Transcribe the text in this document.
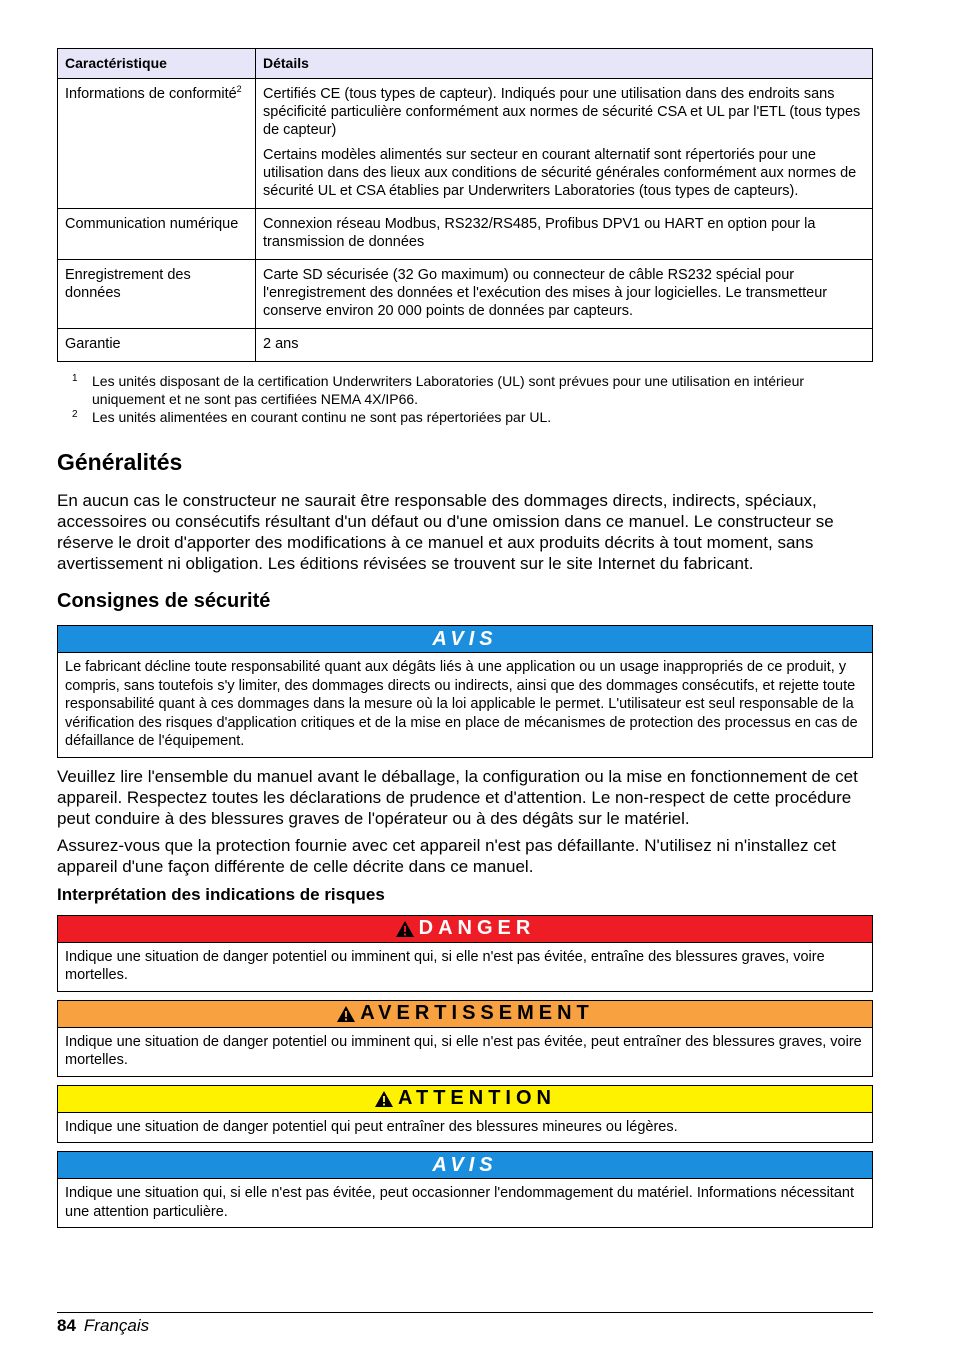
Caractéristique	Détails
Informations de conformité$^2$	Certifiés CE (tous types de capteur). Indiqués pour une utilisation dans des endroits sans spécificité particulière conformément aux normes de sécurité CSA et UL par l'ETL (tous types de capteur)

Certains modèles alimentés sur secteur en courant alternatif sont répertoriés pour une utilisation dans des lieux aux conditions de sécurité générales conformément aux normes de sécurité UL et CSA établies par Underwriters Laboratories (tous types de capteurs).

Communication numérique	Connexion réseau Modbus, RS232/RS485, Profibus DPV1 ou HART en option pour la transmission de données

Enregistrement des données	Carte SD sécurisée (32 Go maximum) ou connecteur de câble RS232 spécial pour l'enregistrement des données et l'exécution des mises à jour logicielles. Le transmetteur conserve environ 20 000 points de données par capteurs.

Garantie	2 ans

1	Les unités disposant de la certification Underwriters Laboratories (UL) sont prévues pour une utilisation en intérieur uniquement et ne sont pas certifiées NEMA 4X/IP66.
2	Les unités alimentées en courant continu ne sont pas répertoriées par UL.
Généralités

En aucun cas le constructeur ne saurait être responsable des dommages directs, indirects, spéciaux, accessoires ou consécutifs résultant d'un défaut ou d'une omission dans ce manuel. Le constructeur se réserve le droit d'apporter des modifications à ce manuel et aux produits décrits à tout moment, sans avertissement ni obligation. Les éditions révisées se trouvent sur le site Internet du fabricant.

Consignes de sécurité
AVIS
Le fabricant décline toute responsabilité quant aux dégâts liés à une application ou un usage inappropriés de ce produit, y compris, sans toutefois s'y limiter, des dommages directs ou indirects, ainsi que des dommages consécutifs, et rejette toute responsabilité quant à ces dommages dans la mesure où la loi applicable le permet. L'utilisateur est seul responsable de la vérification des risques d'application critiques et de la mise en place de mécanismes de protection des processus en cas de défaillance de l'équipement.

Veuillez lire l'ensemble du manuel avant le déballage, la configuration ou la mise en fonctionnement de cet appareil. Respectez toutes les déclarations de prudence et d'attention. Le non-respect de cette procédure peut conduire à des blessures graves de l'opérateur ou à des dégâts sur le matériel.

Assurez-vous que la protection fournie avec cet appareil n'est pas défaillante. N'utilisez ni n'installez cet appareil d'une façon différente de celle décrite dans ce manuel.

Interprétation des indications de risques
DANGER
Indique une situation de danger potentiel ou imminent qui, si elle n'est pas évitée, entraîne des blessures graves, voire mortelles.
AVERTISSEMENT
Indique une situation de danger potentiel ou imminent qui, si elle n'est pas évitée, peut entraîner des blessures graves, voire mortelles.
ATTENTION
Indique une situation de danger potentiel qui peut entraîner des blessures mineures ou légères.
AVIS
Indique une situation qui, si elle n'est pas évitée, peut occasionner l'endommagement du matériel. Informations nécessitant une attention particulière.
84 Français
